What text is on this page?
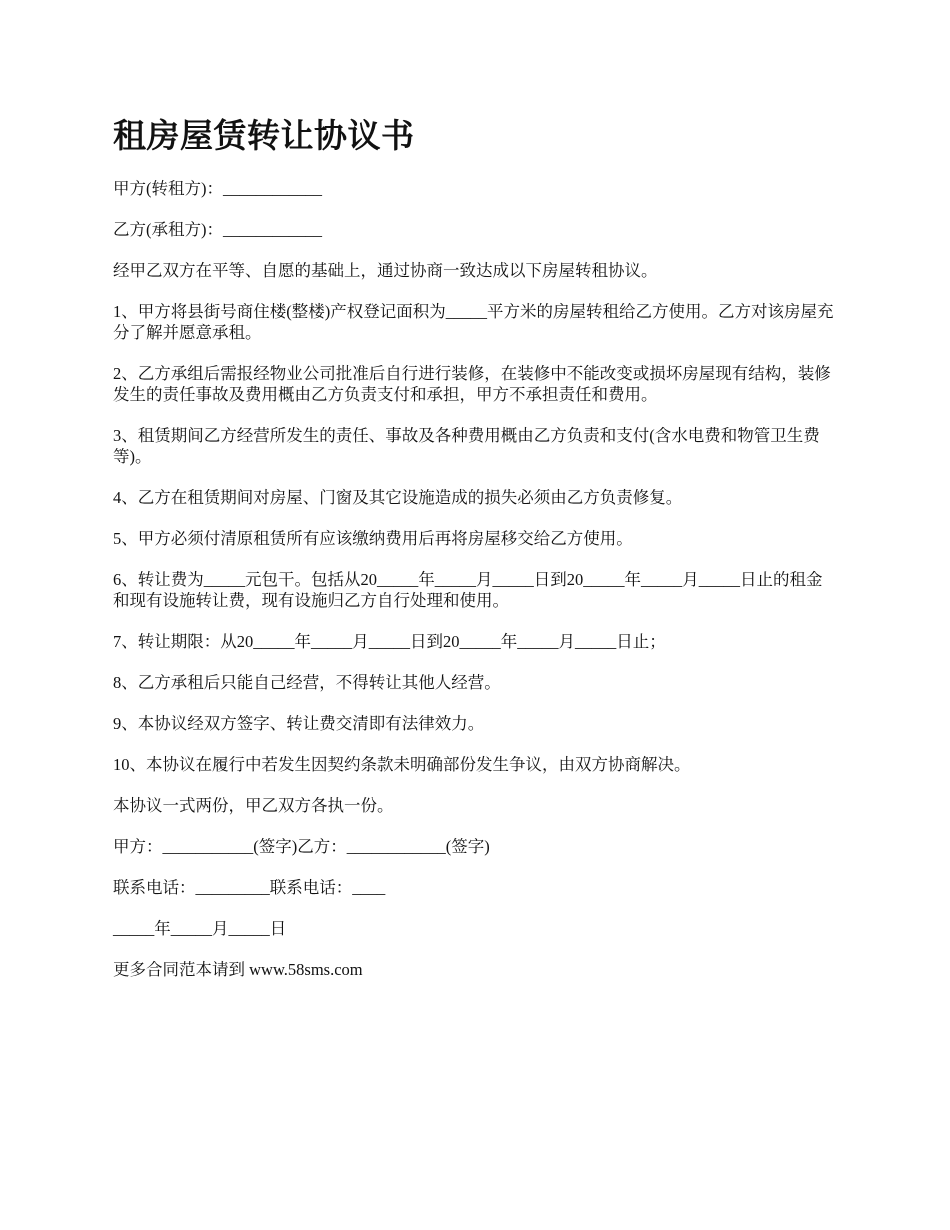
租房屋赁转让协议书

甲方(转租方)：____________

乙方(承租方)：____________

经甲乙双方在平等、自愿的基础上，通过协商一致达成以下房屋转租协议。

1、甲方将县街号商住楼(整楼)产权登记面积为_____平方米的房屋转租给乙方使用。乙方对该房屋充分了解并愿意承租。

2、乙方承组后需报经物业公司批准后自行进行装修，在装修中不能改变或损坏房屋现有结构，装修发生的责任事故及费用概由乙方负责支付和承担，甲方不承担责任和费用。

3、租赁期间乙方经营所发生的责任、事故及各种费用概由乙方负责和支付(含水电费和物管卫生费等)。

4、乙方在租赁期间对房屋、门窗及其它设施造成的损失必须由乙方负责修复。

5、甲方必须付清原租赁所有应该缴纳费用后再将房屋移交给乙方使用。

6、转让费为_____元包干。包括从20_____年_____月_____日到20_____年_____月_____日止的租金和现有设施转让费，现有设施归乙方自行处理和使用。

7、转让期限：从20_____年_____月_____日到20_____年_____月_____日止；

8、乙方承租后只能自己经营，不得转让其他人经营。

9、本协议经双方签字、转让费交清即有法律效力。

10、本协议在履行中若发生因契约条款未明确部份发生争议，由双方协商解决。

本协议一式两份，甲乙双方各执一份。

甲方：___________(签字)乙方：____________(签字)

联系电话：_________联系电话：____

_____年_____月_____日

更多合同范本请到 www.58sms.com
